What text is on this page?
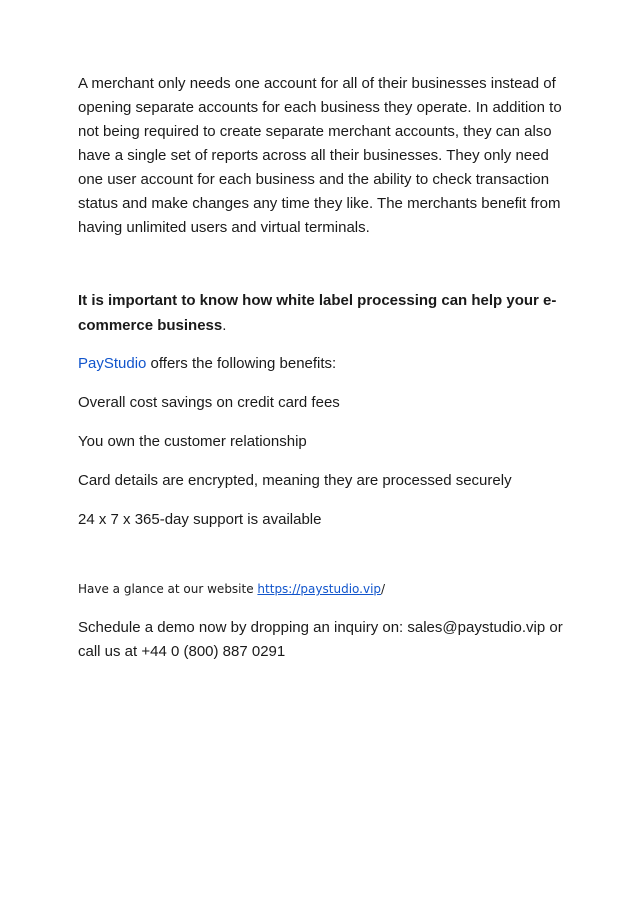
A merchant only needs one account for all of their businesses instead of opening separate accounts for each business they operate. In addition to not being required to create separate merchant accounts, they can also have a single set of reports across all their businesses. They only need one user account for each business and the ability to check transaction status and make changes any time they like. The merchants benefit from having unlimited users and virtual terminals.

It is important to know how white label processing can help your e-commerce business.

PayStudio offers the following benefits:

Overall cost savings on credit card fees

You own the customer relationship

Card details are encrypted, meaning they are processed securely

24 x 7 x 365-day support is available

Have a glance at our website https://paystudio.vip/

Schedule a demo now by dropping an inquiry on: sales@paystudio.vip or call us at +44 0 (800) 887 0291
